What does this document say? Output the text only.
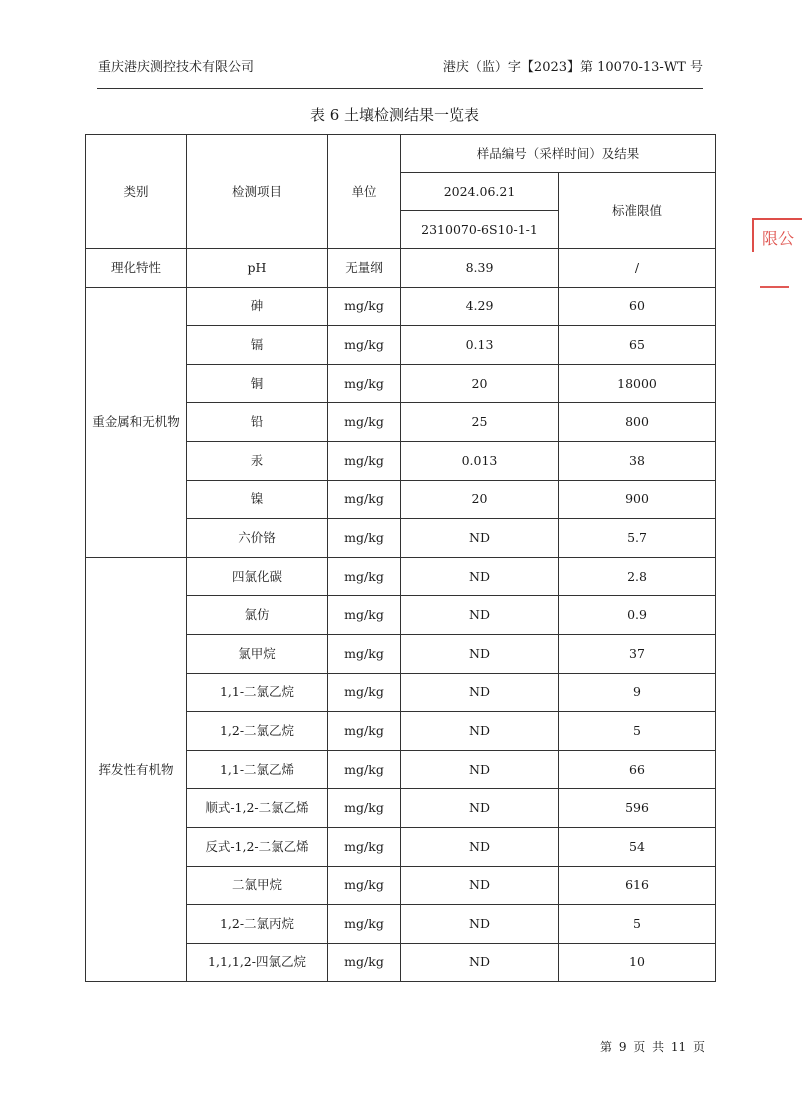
重庆港庆测控技术有限公司	港庆（监）字【2023】第 10070-13-WT 号
表 6 土壤检测结果一览表
类别	检测项目	单位	样品编号（采样时间）及结果	
			2024.06.21	标准限值
			2310070-6S10-1-1	
理化特性	pH	无量纲	8.39	/
重金属和无机物	砷	mg/kg	4.29	60
	镉	mg/kg	0.13	65
	铜	mg/kg	20	18000
	铅	mg/kg	25	800
	汞	mg/kg	0.013	38
	镍	mg/kg	20	900
	六价铬	mg/kg	ND	5.7
挥发性有机物	四氯化碳	mg/kg	ND	2.8
	氯仿	mg/kg	ND	0.9
	氯甲烷	mg/kg	ND	37
	1,1-二氯乙烷	mg/kg	ND	9
	1,2-二氯乙烷	mg/kg	ND	5
	1,1-二氯乙烯	mg/kg	ND	66
	顺式-1,2-二氯乙烯	mg/kg	ND	596
	反式-1,2-二氯乙烯	mg/kg	ND	54
	二氯甲烷	mg/kg	ND	616
	1,2-二氯丙烷	mg/kg	ND	5
	1,1,1,2-四氯乙烷	mg/kg	ND	10
限公
第 9 页 共 11 页
